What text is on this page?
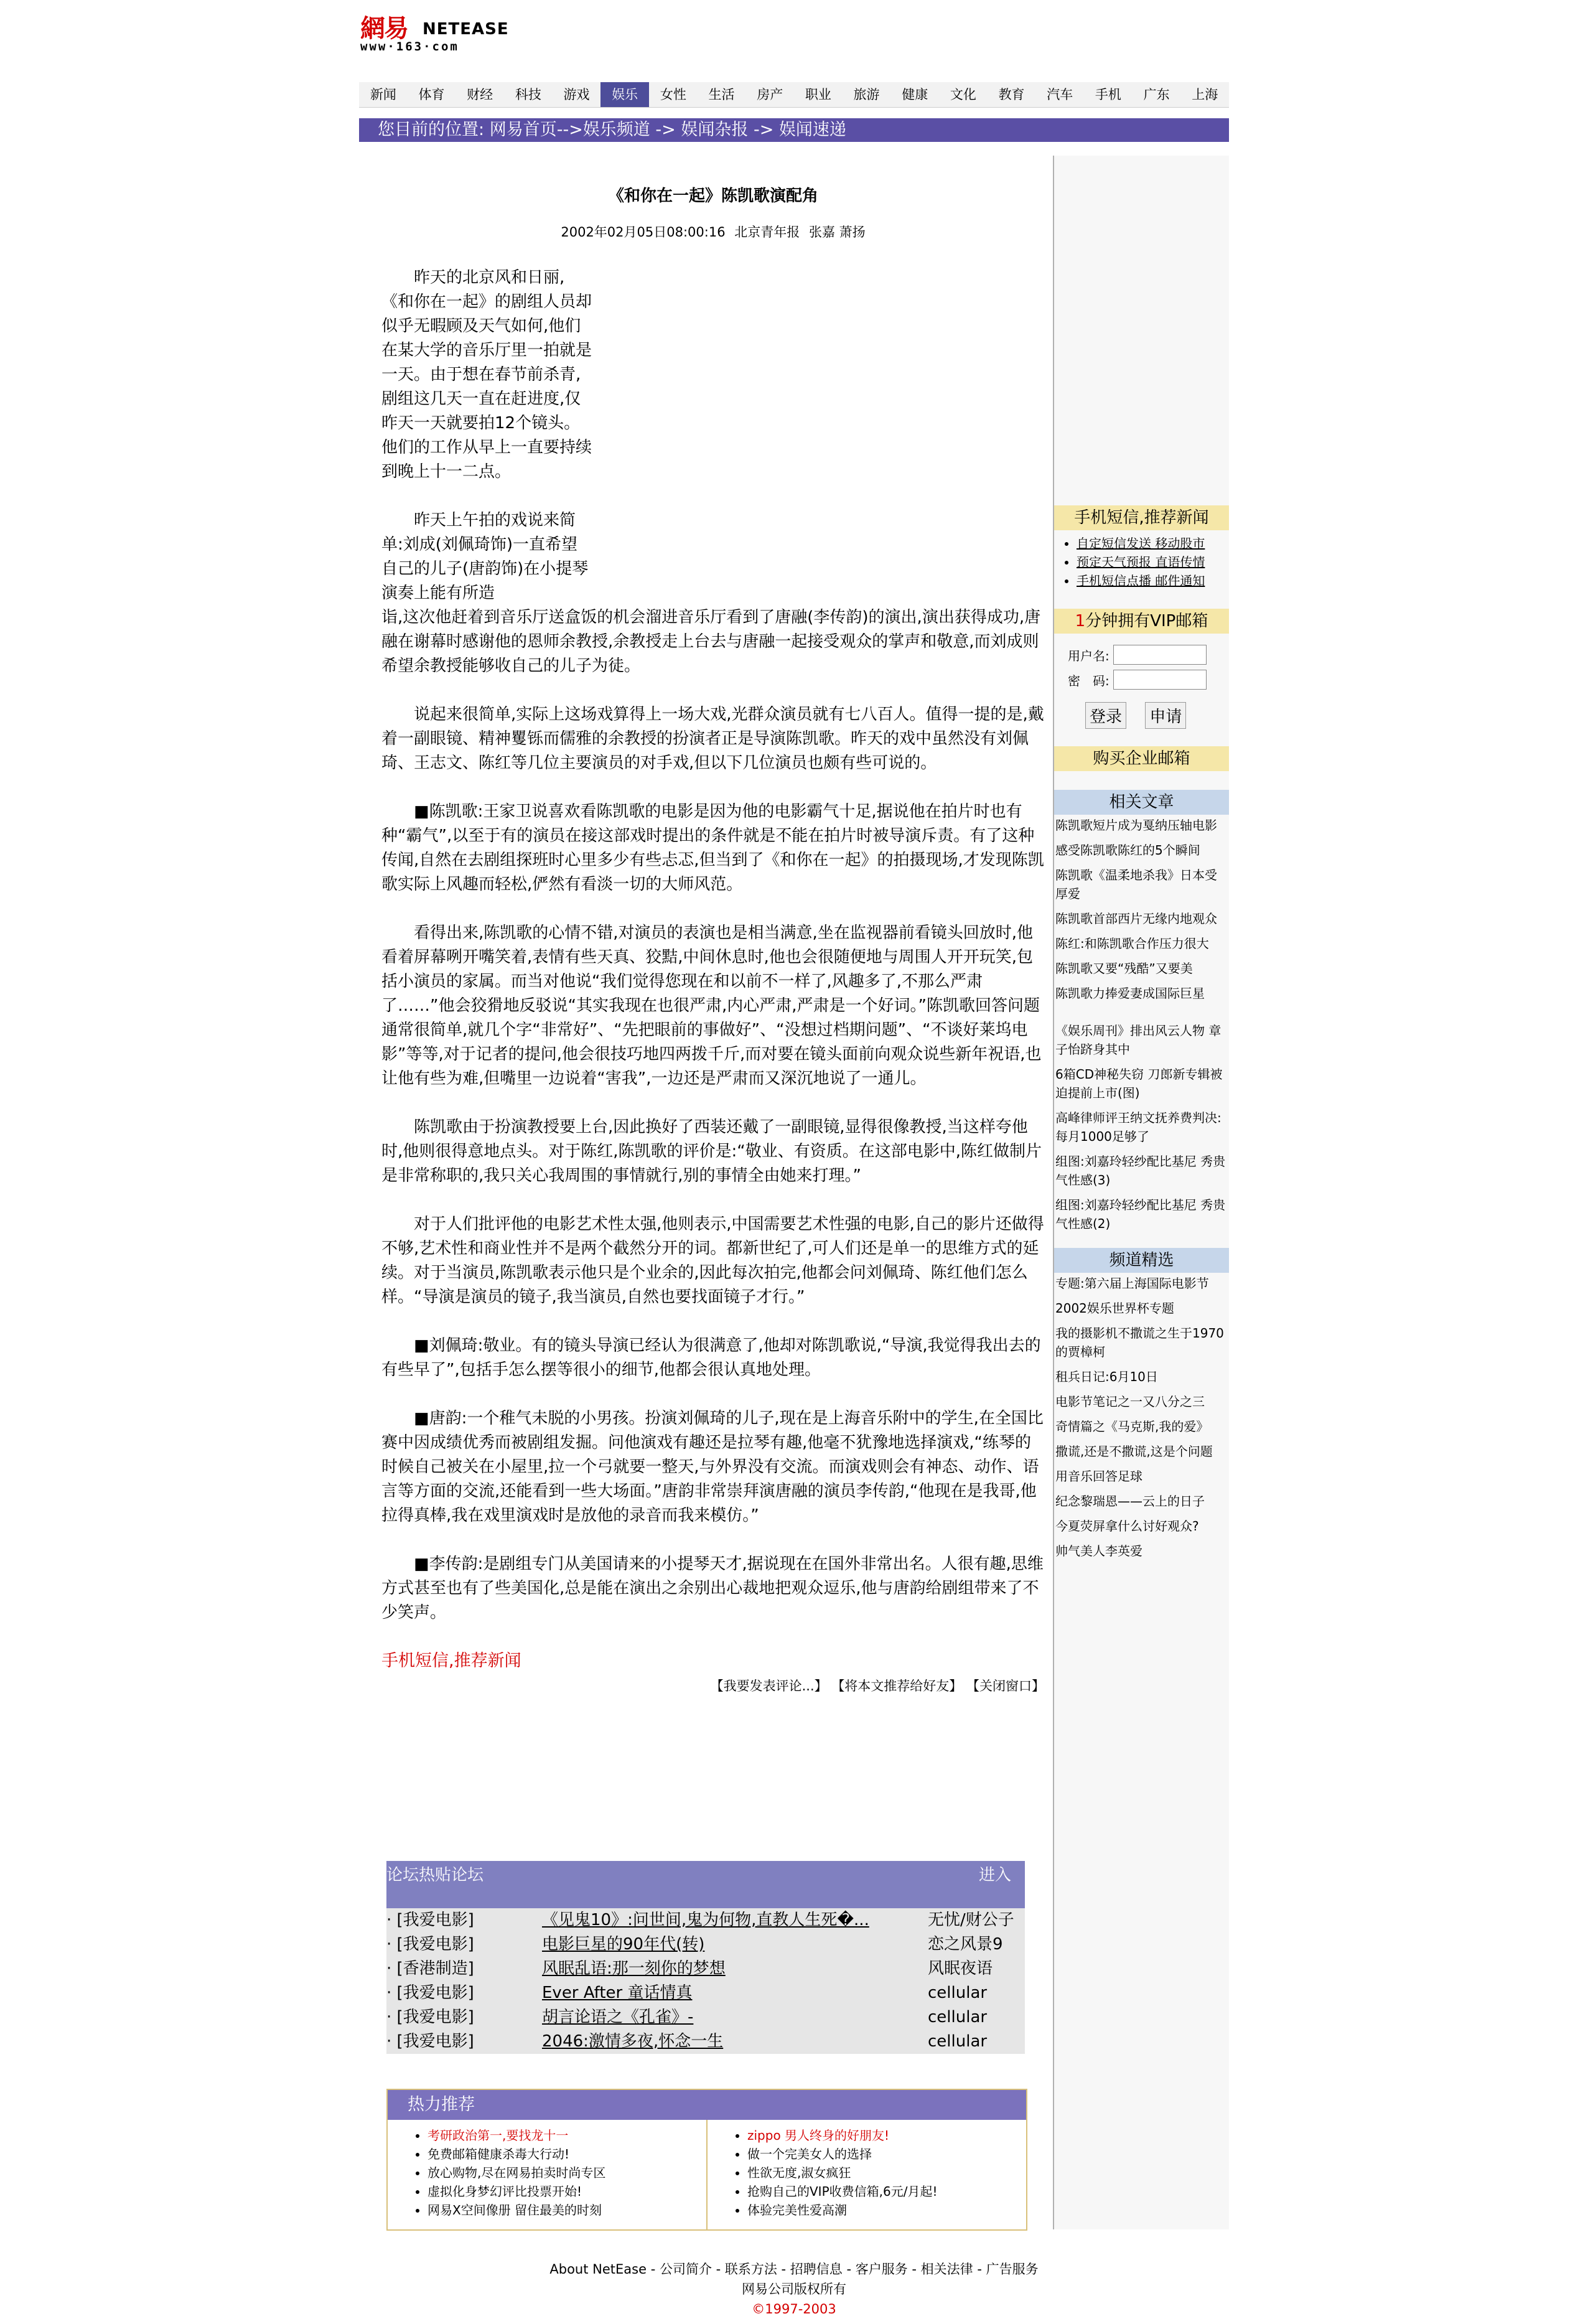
網易 NETEASE
www·163·com
新闻	体育	财经	科技	游戏	娱乐	女性	生活	房产	职业	旅游	健康	文化	教育	汽车	手机	广东	上海
您目前的位置: 网易首页-->娱乐频道 -> 娱闻杂报 -> 娱闻速递
《和你在一起》陈凯歌演配角
2002年02月05日08:00:16 北京青年报 张嘉 萧扬

昨天的北京风和日丽,《和你在一起》的剧组人员却似乎无暇顾及天气如何,他们在某大学的音乐厅里一拍就是一天。由于想在春节前杀青,剧组这几天一直在赶进度,仅昨天一天就要拍12个镜头。他们的工作从早上一直要持续到晚上十一二点。

昨天上午拍的戏说来简单:刘成(刘佩琦饰)一直希望自己的儿子(唐韵饰)在小提琴演奏上能有所造

诣,这次他赶着到音乐厅送盒饭的机会溜进音乐厅看到了唐融(李传韵)的演出,演出获得成功,唐融在谢幕时感谢他的恩师余教授,余教授走上台去与唐融一起接受观众的掌声和敬意,而刘成则希望余教授能够收自己的儿子为徒。

说起来很简单,实际上这场戏算得上一场大戏,光群众演员就有七八百人。值得一提的是,戴着一副眼镜、精神矍铄而儒雅的余教授的扮演者正是导演陈凯歌。昨天的戏中虽然没有刘佩琦、王志文、陈红等几位主要演员的对手戏,但以下几位演员也颇有些可说的。

■陈凯歌:王家卫说喜欢看陈凯歌的电影是因为他的电影霸气十足,据说他在拍片时也有种“霸气”,以至于有的演员在接这部戏时提出的条件就是不能在拍片时被导演斥责。有了这种传闻,自然在去剧组探班时心里多少有些忐忑,但当到了《和你在一起》的拍摄现场,才发现陈凯歌实际上风趣而轻松,俨然有看淡一切的大师风范。

看得出来,陈凯歌的心情不错,对演员的表演也是相当满意,坐在监视器前看镜头回放时,他看着屏幕咧开嘴笑着,表情有些天真、狡黠,中间休息时,他也会很随便地与周围人开开玩笑,包括小演员的家属。而当对他说“我们觉得您现在和以前不一样了,风趣多了,不那么严肃了……”他会狡猾地反驳说“其实我现在也很严肃,内心严肃,严肃是一个好词。”陈凯歌回答问题通常很简单,就几个字“非常好”、“先把眼前的事做好”、“没想过档期问题”、“不谈好莱坞电影”等等,对于记者的提问,他会很技巧地四两拨千斤,而对要在镜头面前向观众说些新年祝语,也让他有些为难,但嘴里一边说着“害我”,一边还是严肃而又深沉地说了一通儿。

陈凯歌由于扮演教授要上台,因此换好了西装还戴了一副眼镜,显得很像教授,当这样夸他时,他则很得意地点头。对于陈红,陈凯歌的评价是:“敬业、有资质。在这部电影中,陈红做制片是非常称职的,我只关心我周围的事情就行,别的事情全由她来打理。”

对于人们批评他的电影艺术性太强,他则表示,中国需要艺术性强的电影,自己的影片还做得不够,艺术性和商业性并不是两个截然分开的词。都新世纪了,可人们还是单一的思维方式的延续。对于当演员,陈凯歌表示他只是个业余的,因此每次拍完,他都会问刘佩琦、陈红他们怎么样。“导演是演员的镜子,我当演员,自然也要找面镜子才行。”

■刘佩琦:敬业。有的镜头导演已经认为很满意了,他却对陈凯歌说,“导演,我觉得我出去的有些早了”,包括手怎么摆等很小的细节,他都会很认真地处理。

■唐韵:一个稚气未脱的小男孩。扮演刘佩琦的儿子,现在是上海音乐附中的学生,在全国比赛中因成绩优秀而被剧组发掘。问他演戏有趣还是拉琴有趣,他毫不犹豫地选择演戏,“练琴的时候自己被关在小屋里,拉一个弓就要一整天,与外界没有交流。而演戏则会有神态、动作、语言等方面的交流,还能看到一些大场面。”唐韵非常崇拜演唐融的演员李传韵,“他现在是我哥,他拉得真棒,我在戏里演戏时是放他的录音而我来模仿。”

■李传韵:是剧组专门从美国请来的小提琴天才,据说现在在国外非常出名。人很有趣,思维方式甚至也有了些美国化,总是能在演出之余别出心裁地把观众逗乐,他与唐韵给剧组带来了不少笑声。

手机短信,推荐新闻
【我要发表评论...】 【将本文推荐给好友】 【关闭窗口】
论坛热贴论坛	进入
· [我爱电影]	《见鬼10》:问世间,鬼为何物,直教人生死�...	无忧/财公子
· [我爱电影]	电影巨星的90年代(转)	恋之风景9
· [香港制造]	风眠乱语:那一刻你的梦想	风眠夜语
· [我爱电影]	Ever After 童话情真	cellular
· [我爱电影]	胡言论语之《孔雀》-	cellular
· [我爱电影]	2046:激情多夜,怀念一生	cellular
热力推荐
• 考研政治第一,要找龙十一
• 免费邮箱健康杀毒大行动!
• 放心购物,尽在网易拍卖时尚专区
• 虚拟化身梦幻评比投票开始!
• 网易X空间像册 留住最美的时刻
• zippo 男人终身的好朋友!
• 做一个完美女人的选择
• 性欲无度,淑女疯狂
• 抢购自己的VIP收费信箱,6元/月起!
• 体验完美性爱高潮
About NetEase - 公司简介 - 联系方法 - 招聘信息 - 客户服务 - 相关法律 - 广告服务
网易公司版权所有
©1997-2003
手机短信,推荐新闻
• 自定短信发送 移动股市
• 预定天气预报 直语传情
• 手机短信点播 邮件通知
1分钟拥有VIP邮箱
用户名:
密　码:
登录 申请
购买企业邮箱
相关文章
陈凯歌短片成为戛纳压轴电影
感受陈凯歌陈红的5个瞬间
陈凯歌《温柔地杀我》日本受厚爱
陈凯歌首部西片无缘内地观众
陈红:和陈凯歌合作压力很大
陈凯歌又要“残酷”又要美
陈凯歌力捧爱妻成国际巨星
《娱乐周刊》排出风云人物 章子怡跻身其中
6箱CD神秘失窃 刀郎新专辑被迫提前上市(图)
高峰律师评王纳文抚养费判决:每月1000足够了
组图:刘嘉玲轻纱配比基尼 秀贵气性感(3)
组图:刘嘉玲轻纱配比基尼 秀贵气性感(2)
频道精选
专题:第六届上海国际电影节
2002娱乐世界杯专题
我的摄影机不撒谎之生于1970的贾樟柯
租兵日记:6月10日
电影节笔记之一又八分之三
奇情篇之《马克斯,我的爱》
撒谎,还是不撒谎,这是个问题
用音乐回答足球
纪念黎瑞恩——云上的日子
今夏荧屏拿什么讨好观众?
帅气美人李英爱
